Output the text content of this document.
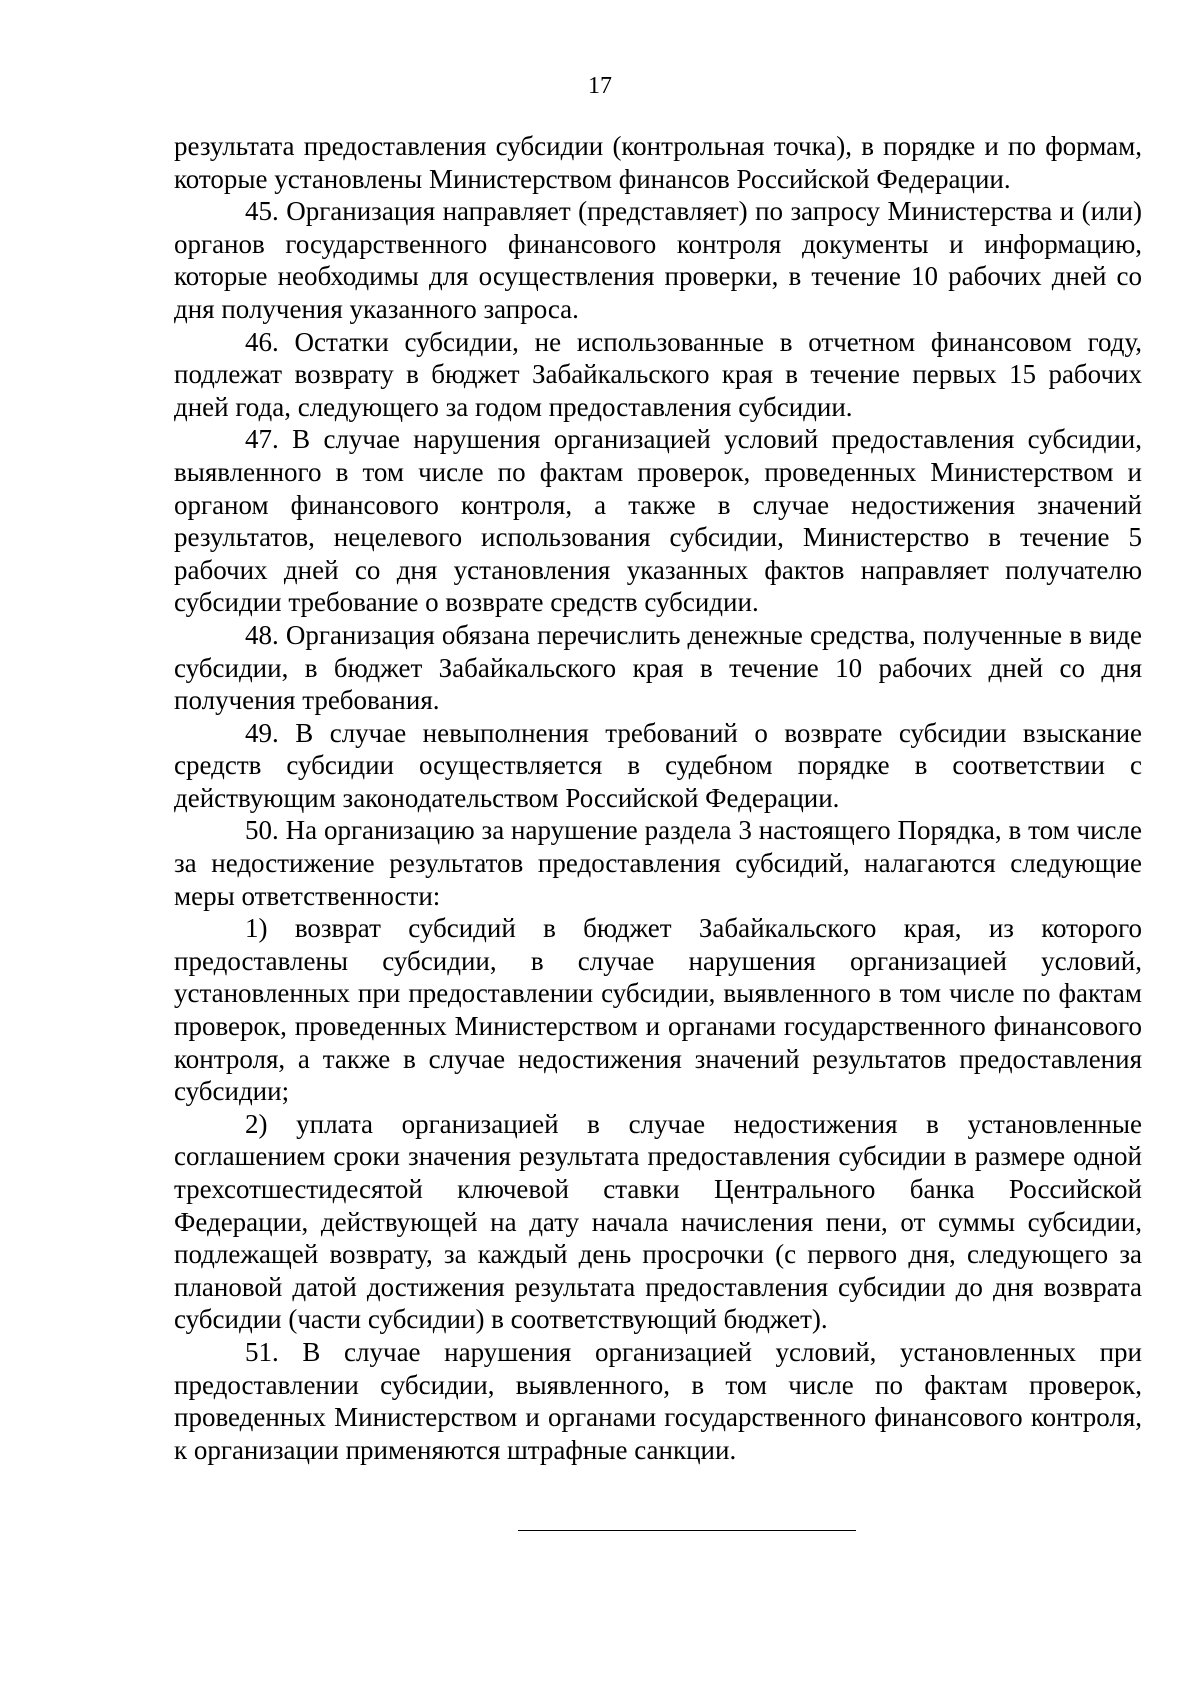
17

результата предоставления субсидии (контрольная точка), в порядке и по формам, которые установлены Министерством финансов Российской Федерации.

45. Организация направляет (представляет) по запросу Министерства и (или) органов государственного финансового контроля документы и информацию, которые необходимы для осуществления проверки, в течение 10 рабочих дней со дня получения указанного запроса.

46. Остатки субсидии, не использованные в отчетном финансовом году, подлежат возврату в бюджет Забайкальского края в течение первых 15 рабочих дней года, следующего за годом предоставления субсидии.

47. В случае нарушения организацией условий предоставления субсидии, выявленного в том числе по фактам проверок, проведенных Министерством и органом финансового контроля, а также в случае недостижения значений результатов, нецелевого использования субсидии, Министерство в течение 5 рабочих дней со дня установления указанных фактов направляет получателю субсидии требование о возврате средств субсидии.

48. Организация обязана перечислить денежные средства, полученные в виде субсидии, в бюджет Забайкальского края в течение 10 рабочих дней со дня получения требования.

49. В случае невыполнения требований о возврате субсидии взыскание средств субсидии осуществляется в судебном порядке в соответствии с действующим законодательством Российской Федерации.

50. На организацию за нарушение раздела 3 настоящего Порядка, в том числе за недостижение результатов предоставления субсидий, налагаются следующие меры ответственности:

1) возврат субсидий в бюджет Забайкальского края, из которого предоставлены субсидии, в случае нарушения организацией условий, установленных при предоставлении субсидии, выявленного в том числе по фактам проверок, проведенных Министерством и органами государственного финансового контроля, а также в случае недостижения значений результатов предоставления субсидии;

2) уплата организацией в случае недостижения в установленные соглашением сроки значения результата предоставления субсидии в размере одной трехсотшестидесятой ключевой ставки Центрального банка Российской Федерации, действующей на дату начала начисления пени, от суммы субсидии, подлежащей возврату, за каждый день просрочки (с первого дня, следующего за плановой датой достижения результата предоставления субсидии до дня возврата субсидии (части субсидии) в соответствующий бюджет).

51. В случае нарушения организацией условий, установленных при предоставлении субсидии, выявленного, в том числе по фактам проверок, проведенных Министерством и органами государственного финансового контроля, к организации применяются штрафные санкции.
